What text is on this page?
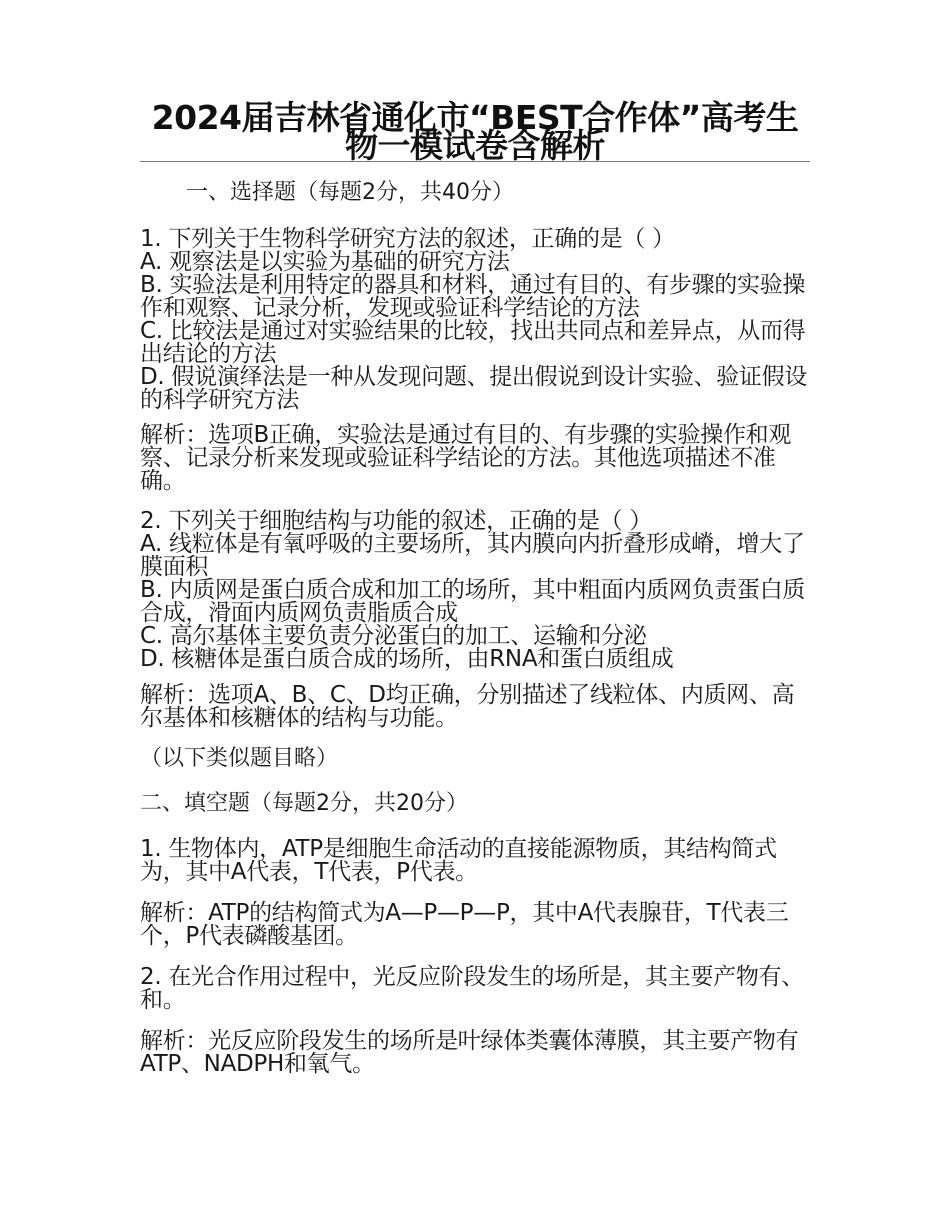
2024届吉林省通化市“BEST合作体”高考生物一模试卷含解析
一、选择题（每题2分，共40分）

1. 下列关于生物科学研究方法的叙述，正确的是（ ）

A. 观察法是以实验为基础的研究方法

B. 实验法是利用特定的器具和材料，通过有目的、有步骤的实验操作和观察、记录分析，发现或验证科学结论的方法

C. 比较法是通过对实验结果的比较，找出共同点和差异点，从而得出结论的方法

D. 假说演绎法是一种从发现问题、提出假说到设计实验、验证假设的科学研究方法

解析：选项B正确，实验法是通过有目的、有步骤的实验操作和观察、记录分析来发现或验证科学结论的方法。其他选项描述不准确。

2. 下列关于细胞结构与功能的叙述，正确的是（ ）

A. 线粒体是有氧呼吸的主要场所，其内膜向内折叠形成嵴，增大了膜面积

B. 内质网是蛋白质合成和加工的场所，其中粗面内质网负责蛋白质合成，滑面内质网负责脂质合成

C. 高尔基体主要负责分泌蛋白的加工、运输和分泌

D. 核糖体是蛋白质合成的场所，由RNA和蛋白质组成

解析：选项A、B、C、D均正确，分别描述了线粒体、内质网、高尔基体和核糖体的结构与功能。
（以下类似题目略）
二、填空题（每题2分，共20分）
1. 生物体内，ATP是细胞生命活动的直接能源物质，其结构简式为，其中A代表，T代表，P代表。
解析：ATP的结构简式为A—P—P—P，其中A代表腺苷，T代表三个，P代表磷酸基团。
2. 在光合作用过程中，光反应阶段发生的场所是，其主要产物有、和。
解析：光反应阶段发生的场所是叶绿体类囊体薄膜，其主要产物有ATP、NADPH和氧气。
